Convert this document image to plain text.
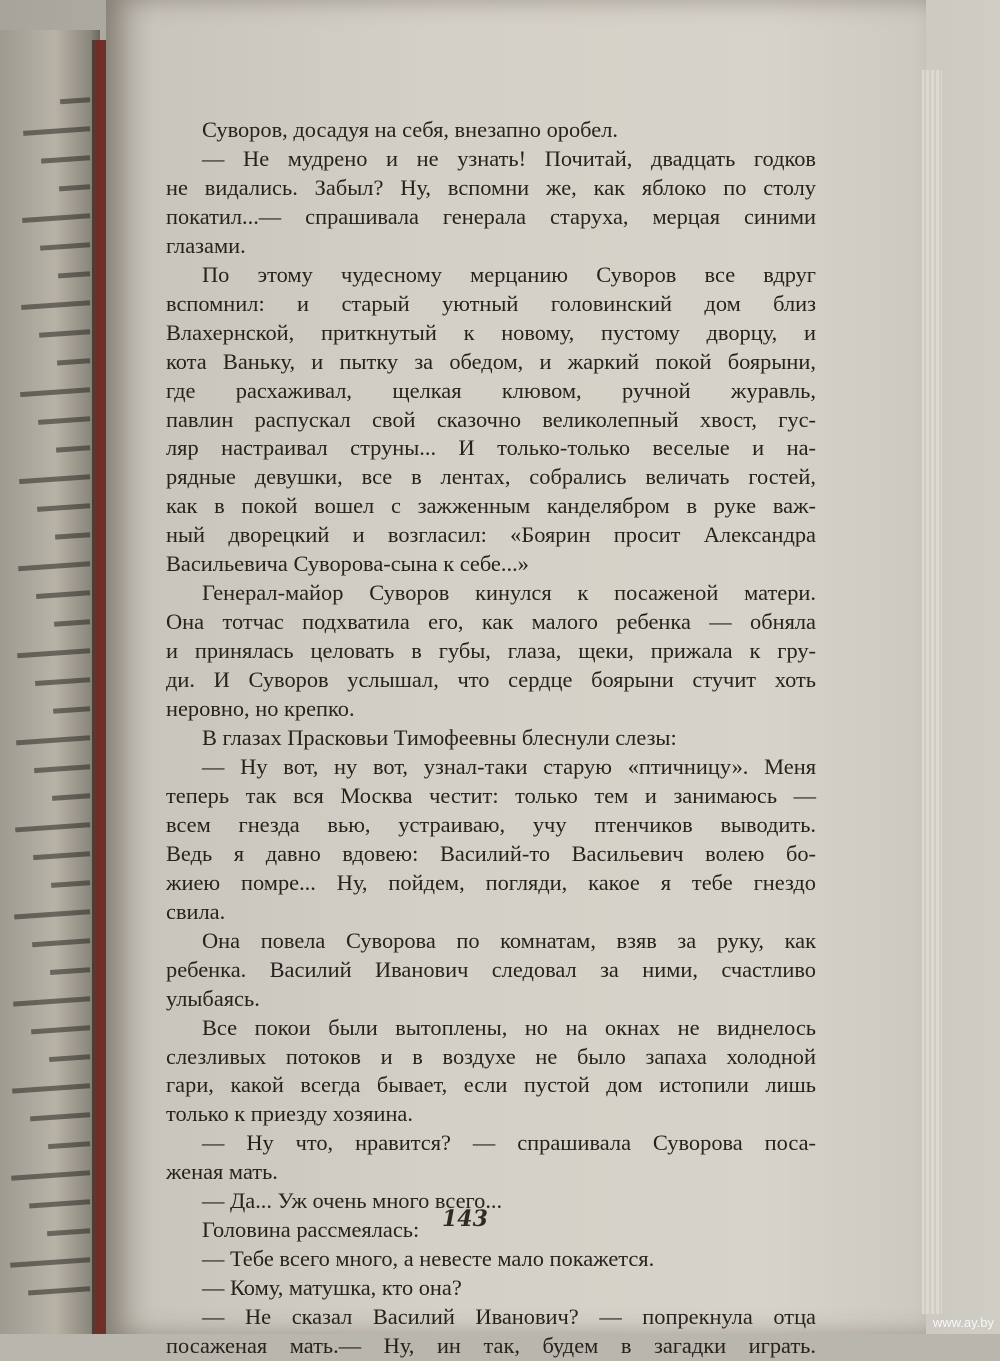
Суворов, досадуя на себя, внезапно оробел.
— Не мудрено и не узнать! Почитай, двадцать годков
не видались. Забыл? Ну, вспомни же, как яблоко по столу
покатил...— спрашивала генерала старуха, мерцая синими
глазами.
По этому чудесному мерцанию Суворов все вдруг
вспомнил: и старый уютный головинский дом близ
Влахернской, приткнутый к новому, пустому дворцу, и
кота Ваньку, и пытку за обедом, и жаркий покой боярыни,
где расхаживал, щелкая клювом, ручной журавль,
павлин распускал свой сказочно великолепный хвост, гус-
ляр настраивал струны... И только-только веселые и на-
рядные девушки, все в лентах, собрались величать гостей,
как в покой вошел с зажженным канделябром в руке важ-
ный дворецкий и возгласил: «Боярин просит Александра
Васильевича Суворова-сына к себе...»
Генерал-майор Суворов кинулся к посаженой матери.
Она тотчас подхватила его, как малого ребенка — обняла
и принялась целовать в губы, глаза, щеки, прижала к гру-
ди. И Суворов услышал, что сердце боярыни стучит хоть
неровно, но крепко.
В глазах Прасковьи Тимофеевны блеснули слезы:
— Ну вот, ну вот, узнал-таки старую «птичницу». Меня
теперь так вся Москва честит: только тем и занимаюсь —
всем гнезда вью, устраиваю, учу птенчиков выводить.
Ведь я давно вдовею: Василий-то Васильевич волею бо-
жиею помре... Ну, пойдем, погляди, какое я тебе гнездо
свила.
Она повела Суворова по комнатам, взяв за руку, как
ребенка. Василий Иванович следовал за ними, счастливо
улыбаясь.
Все покои были вытоплены, но на окнах не виднелось
слезливых потоков и в воздухе не было запаха холодной
гари, какой всегда бывает, если пустой дом истопили лишь
только к приезду хозяина.
— Ну что, нравится? — спрашивала Суворова поса-
женая мать.
— Да... Уж очень много всего...
Головина рассмеялась:
— Тебе всего много, а невесте мало покажется.
— Кому, матушка, кто она?
— Не сказал Василий Иванович? — попрекнула отца
посаженая мать.— Ну, ин так, будем в загадки играть.
143
www.ay.by
